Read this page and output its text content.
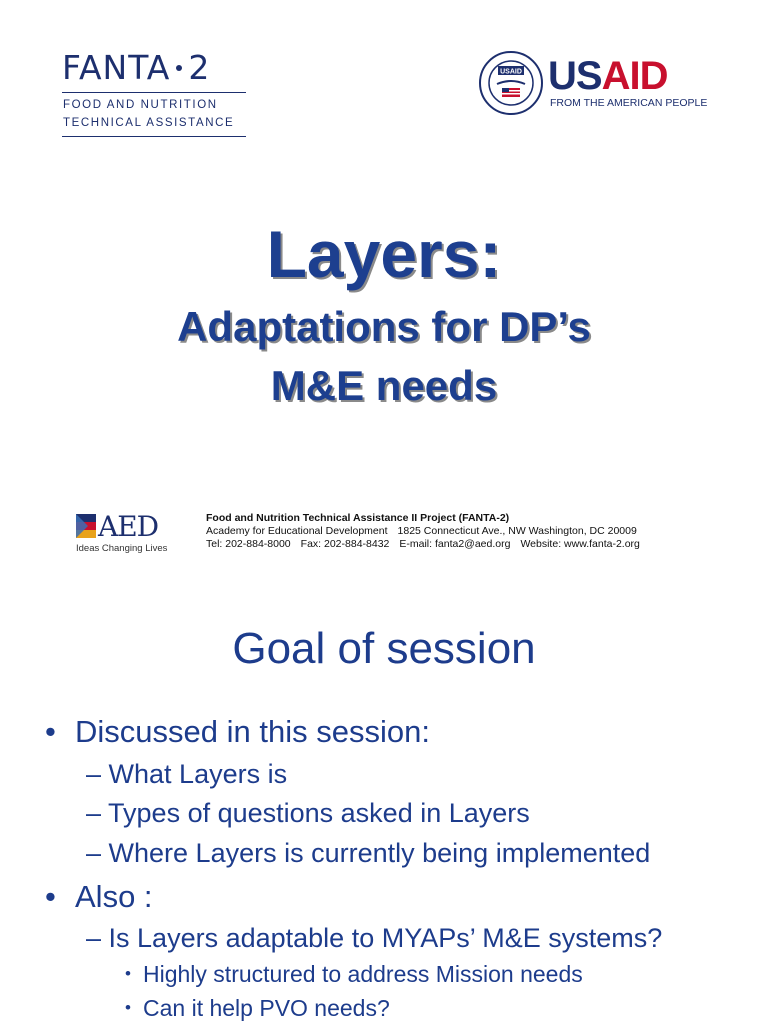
FANTA 2
FOOD AND NUTRITION
TECHNICAL ASSISTANCE
USAID USAID
FROM THE AMERICAN PEOPLE
Layers:
Adaptations for DP’s
M&E needs
AED
Ideas Changing Lives
Food and Nutrition Technical Assistance II Project (FANTA-2)
Academy for Educational Development 1825 Connecticut Ave., NW Washington, DC 20009
Tel: 202-884-8000 Fax: 202-884-8432 E-mail: fanta2@aed.org Website: www.fanta-2.org
Goal of session
• Discussed in this session:
– What Layers is
– Types of questions asked in Layers
– Where Layers is currently being implemented
• Also :
– Is Layers adaptable to MYAPs’ M&E systems?
• Highly structured to address Mission needs
• Can it help PVO needs?
